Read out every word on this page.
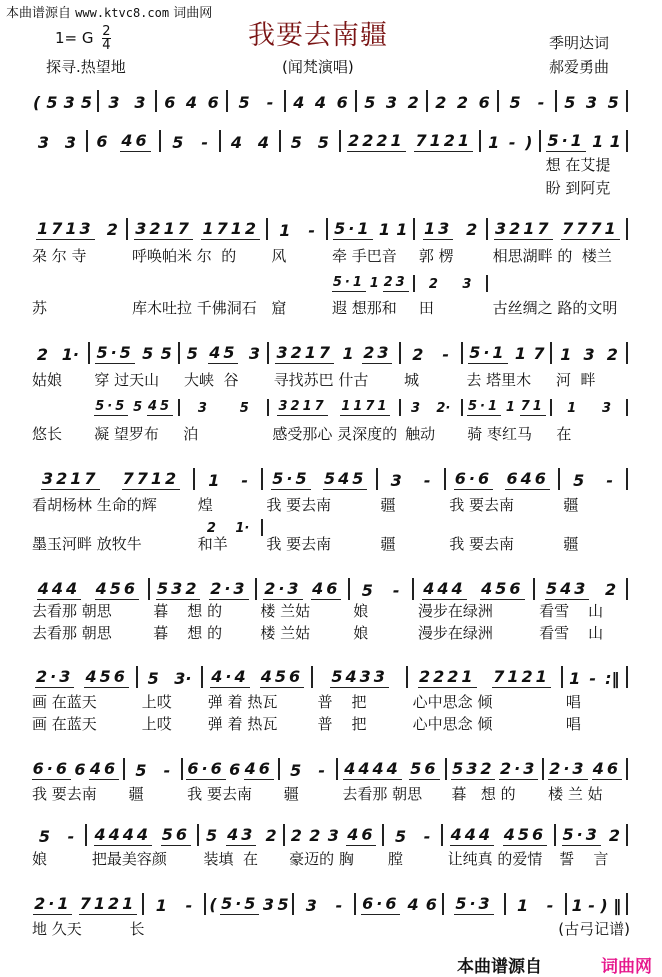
本曲谱源自 www.ktvc8.com 词曲网
我要去南疆
1= G $\frac{2}{4}$
探寻.热望地	(闻梵演唱)
季明达词
郝爱勇曲
( 5 3 5 3 3 6 4 6 5 - 4 4 6 5 3 2 2 2 6 5 - 5 3 5
3 3 6 46 5 - 4 4 5 5 2221 7121 1 - ) 5·1 1 1
想 在艾提
盼 到阿克
1713 2 3217 1712 1 - 5·1 1 1 13 2 3217 7771
朶 尔 寺	呼唤帕米 尔  的	风	牵 手巴音	郭 楞	相思湖畔 的  楼兰
5·1 1 23 2 3
苏	库木吐拉 千佛洞石 窟	遐 想那和	田	古丝绸之 路的文明
2 1· 5·5 5 5 5 45 3 3217 1 23 2 - 5·1 1 7 1 3 2
姑娘	穿 过天山	大峡  谷	寻找苏巴 什古	城	去 塔里木	河  畔
5·5 5 45 3	5 3217 1171 3 2· 5·1 1 71 1 3
悠长	凝 望罗布	泊	感受那心 灵深度的 触动	骑 枣红马	在
3217 7712 1 - 5·5 545 3 - 6·6 646 5 -
看胡杨林 生命的辉	煌	我 要去南	疆	我 要去南	疆
2 1·
墨玉河畔 放牧牛	和羊	我 要去南	疆	我 要去南	疆
444 456 532 2·3 2·3 46 5 - 444 456 543 2
去看那 朝思	暮    想 的	楼 兰姑	娘	漫步在绿洲	看雪    山
去看那 朝思	暮    想 的	楼 兰姑	娘	漫步在绿洲	看雪    山
2·3 456 5 3· 4·4 456 5433 2221 7121 1 - :‖
画 在蓝天	上哎	弹 着 热瓦	普    把	心中思念 倾	唱
画 在蓝天	上哎	弹 着 热瓦	普    把	心中思念 倾	唱
6·6 6 46 5 - 6·6 6 46 5 - 4444 56 532 2·3 2·3 46
我 要去南	疆	我 要去南	疆	去看那 朝思	暮   想 的	楼 兰 姑
5 - 4444 56 5 43 2 2 2 3 46 5 - 444 456 5·3 2
娘	把最美容颜	装填  在	豪迈的 胸	膛	让纯真 的爱情	誓    言
2·1 7121 1 - ( 5·5 3 5 3 - 6·6 4 6 5·3 1 - 1 - ) ‖
地 久天	长	(古弓记谱)
本曲谱源自	词曲网
